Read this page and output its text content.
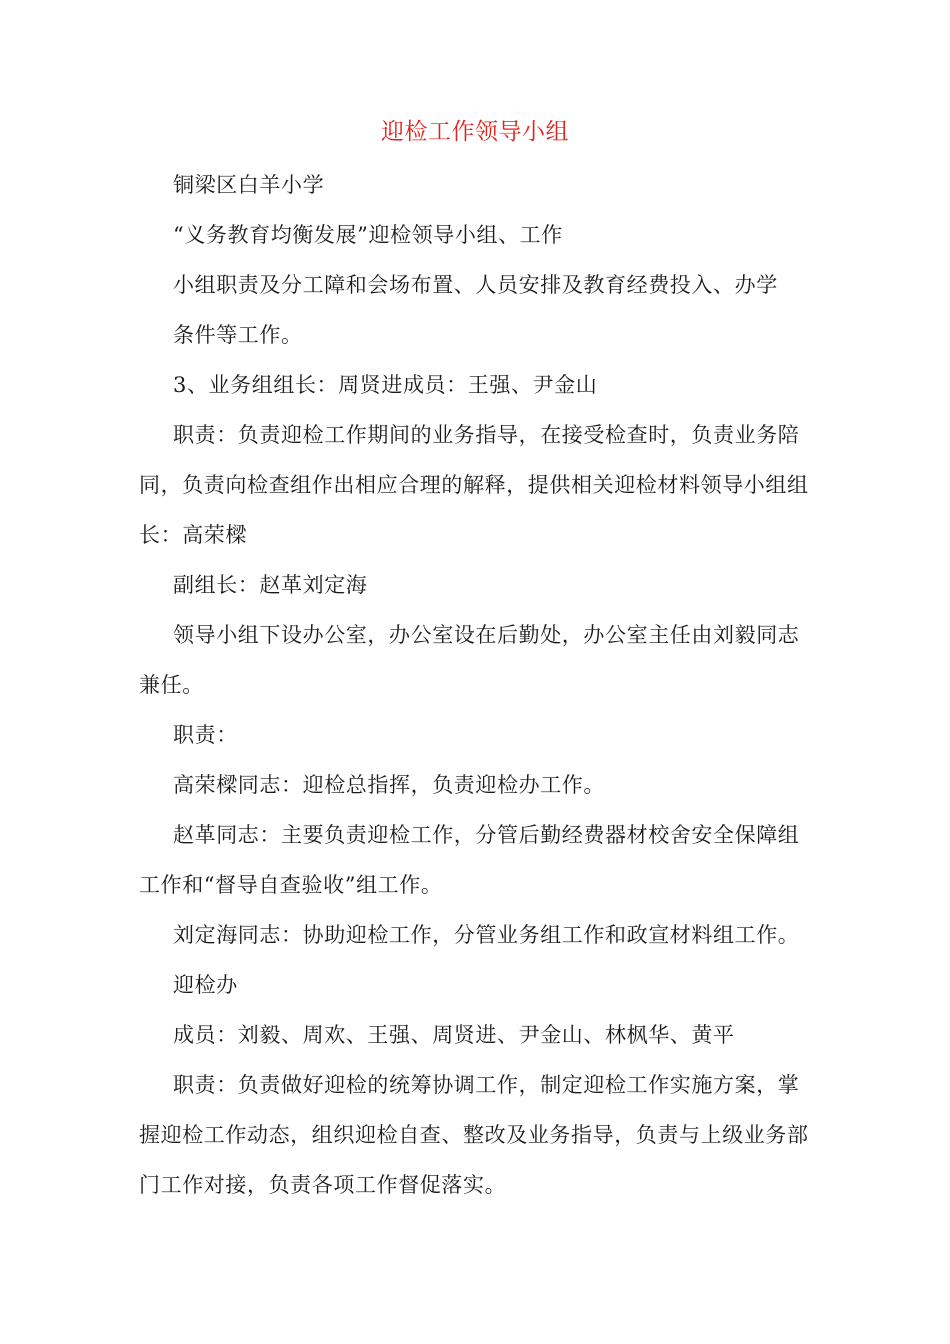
迎检工作领导小组

铜梁区白羊小学

“义务教育均衡发展”迎检领导小组、工作

小组职责及分工障和会场布置、人员安排及教育经费投入、办学

条件等工作。

3、业务组组长：周贤进成员：王强、尹金山

职责：负责迎检工作期间的业务指导，在接受检查时，负责业务陪同，负责向检查组作出相应合理的解释，提供相关迎检材料领导小组组长：高荣樑

副组长：赵革刘定海

领导小组下设办公室，办公室设在后勤处，办公室主任由刘毅同志兼任。

职责：

高荣樑同志：迎检总指挥，负责迎检办工作。

赵革同志：主要负责迎检工作，分管后勤经费器材校舍安全保障组工作和“督导自查验收”组工作。

刘定海同志：协助迎检工作，分管业务组工作和政宣材料组工作。

迎检办

成员：刘毅、周欢、王强、周贤进、尹金山、林枫华、黄平

职责：负责做好迎检的统筹协调工作，制定迎检工作实施方案，掌握迎检工作动态，组织迎检自查、整改及业务指导，负责与上级业务部门工作对接，负责各项工作督促落实。
